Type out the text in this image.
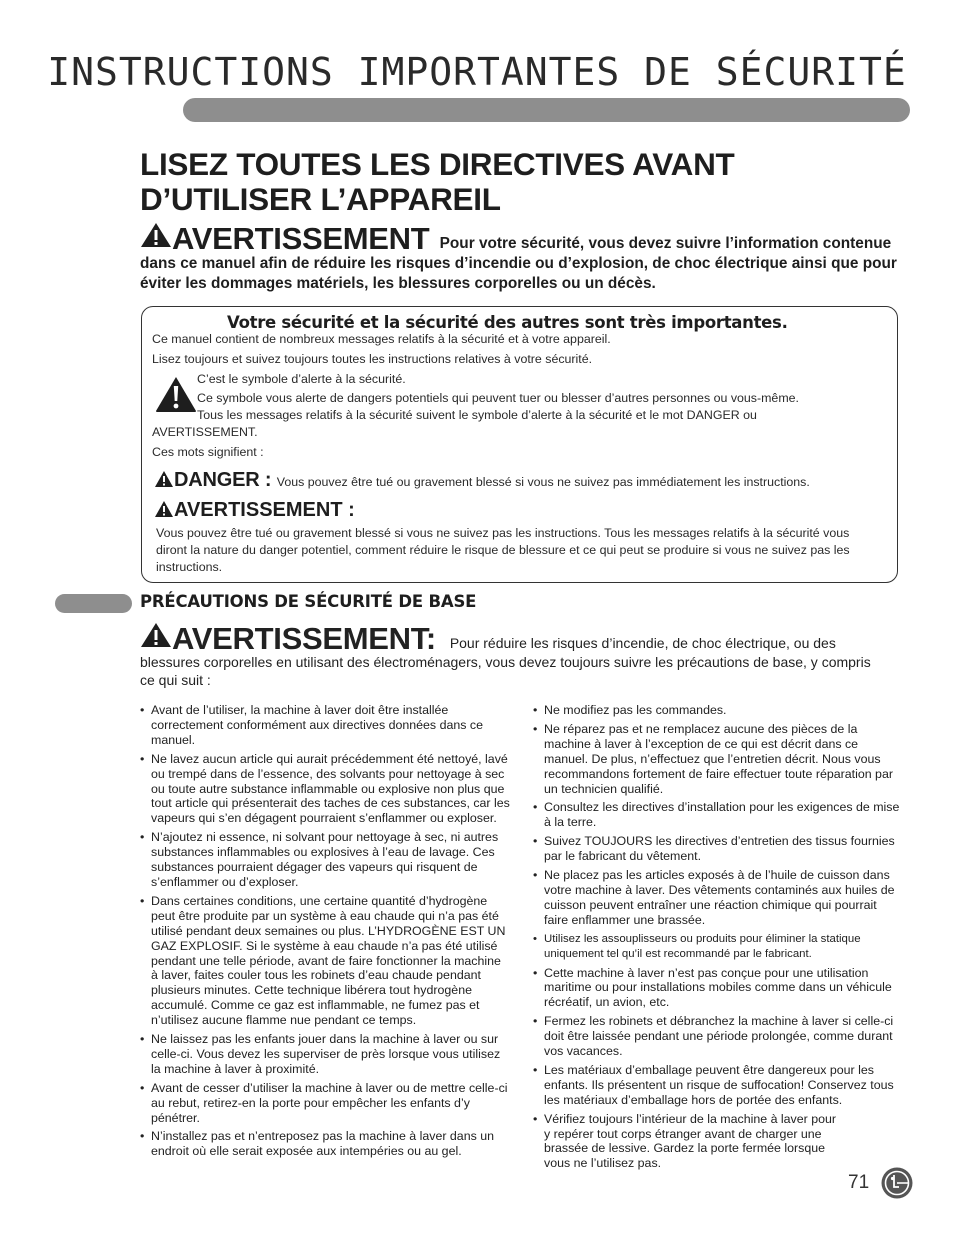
INSTRUCTIONS IMPORTANTES DE SÉCURITÉ
LISEZ TOUTES LES DIRECTIVES AVANT
D’UTILISER L’APPAREIL
AVERTISSEMENT Pour votre sécurité, vous devez suivre l’information contenue dans ce manuel afin de réduire les risques d’incendie ou d’explosion, de choc électrique ainsi que pour éviter les dommages matériels, les blessures corporelles ou un décès.
Votre sécurité et la sécurité des autres sont très importantes.
Ce manuel contient de nombreux messages relatifs à la sécurité et à votre appareil.
Lisez toujours et suivez toujours toutes les instructions relatives à votre sécurité.
C’est le symbole d’alerte à la sécurité.
Ce symbole vous alerte de dangers potentiels qui peuvent tuer ou blesser d’autres personnes ou vous-même.
Tous les messages relatifs à la sécurité suivent le symbole d’alerte à la sécurité et le mot DANGER ou
AVERTISSEMENT.
Ces mots signifient :
DANGER : Vous pouvez être tué ou gravement blessé si vous ne suivez pas immédiatement les instructions.
AVERTISSEMENT :
Vous pouvez être tué ou gravement blessé si vous ne suivez pas les instructions. Tous les messages relatifs à la sécurité vous diront la nature du danger potentiel, comment réduire le risque de blessure et ce qui peut se produire si vous ne suivez pas les instructions.
PRÉCAUTIONS DE SÉCURITÉ DE BASE
AVERTISSEMENT: Pour réduire les risques d’incendie, de choc électrique, ou des blessures corporelles en utilisant des électroménagers, vous devez toujours suivre les précautions de base, y compris ce qui suit :
• Avant de l’utiliser, la machine à laver doit être installée correctement conformément aux directives données dans ce manuel.
• Ne lavez aucun article qui aurait précédemment été nettoyé, lavé ou trempé dans de l’essence, des solvants pour nettoyage à sec ou toute autre substance inflammable ou explosive non plus que tout article qui présenterait des taches de ces substances, car les vapeurs qui s’en dégagent pourraient s’enflammer ou exploser.
• N’ajoutez ni essence, ni solvant pour nettoyage à sec, ni autres substances inflammables ou explosives à l’eau de lavage. Ces substances pourraient dégager des vapeurs qui risquent de s’enflammer ou d’exploser.
• Dans certaines conditions, une certaine quantité d’hydrogène peut être produite par un système à eau chaude qui n’a pas été utilisé pendant deux semaines ou plus. L’HYDROGÈNE EST UN GAZ EXPLOSIF. Si le système à eau chaude n’a pas été utilisé pendant une telle période, avant de faire fonctionner la machine à laver, faites couler tous les robinets d’eau chaude pendant plusieurs minutes. Cette technique libérera tout hydrogène accumulé. Comme ce gaz est inflammable, ne fumez pas et n’utilisez aucune flamme nue pendant ce temps.
• Ne laissez pas les enfants jouer dans la machine à laver ou sur celle-ci. Vous devez les superviser de près lorsque vous utilisez la machine à laver à proximité.
• Avant de cesser d’utiliser la machine à laver ou de mettre celle-ci au rebut, retirez-en la porte pour empêcher les enfants d’y pénétrer.
• N’installez pas et n’entreposez pas la machine à laver dans un endroit où elle serait exposée aux intempéries ou au gel.
• Ne modifiez pas les commandes.
• Ne réparez pas et ne remplacez aucune des pièces de la machine à laver à l’exception de ce qui est décrit dans ce manuel. De plus, n’effectuez que l’entretien décrit. Nous vous recommandons fortement de faire effectuer toute réparation par un technicien qualifié.
• Consultez les directives d’installation pour les exigences de mise à la terre.
• Suivez TOUJOURS les directives d’entretien des tissus fournies par le fabricant du vêtement.
• Ne placez pas les articles exposés à de l’huile de cuisson dans votre machine à laver. Des vêtements contaminés aux huiles de cuisson peuvent entraîner une réaction chimique qui pourrait faire enflammer une brassée.
• Utilisez les assouplisseurs ou produits pour éliminer la statique uniquement tel qu’il est recommandé par le fabricant.
• Cette machine à laver n’est pas conçue pour une utilisation maritime ou pour installations mobiles comme dans un véhicule récréatif, un avion, etc.
• Fermez les robinets et débranchez la machine à laver si celle-ci doit être laissée pendant une période prolongée, comme durant vos vacances.
• Les matériaux d’emballage peuvent être dangereux pour les enfants. Ils présentent un risque de suffocation! Conservez tous les matériaux d’emballage hors de portée des enfants.
• Vérifiez toujours l’intérieur de la machine à laver pour y repérer tout corps étranger avant de charger une brassée de lessive. Gardez la porte fermée lorsque vous ne l’utilisez pas.
71
